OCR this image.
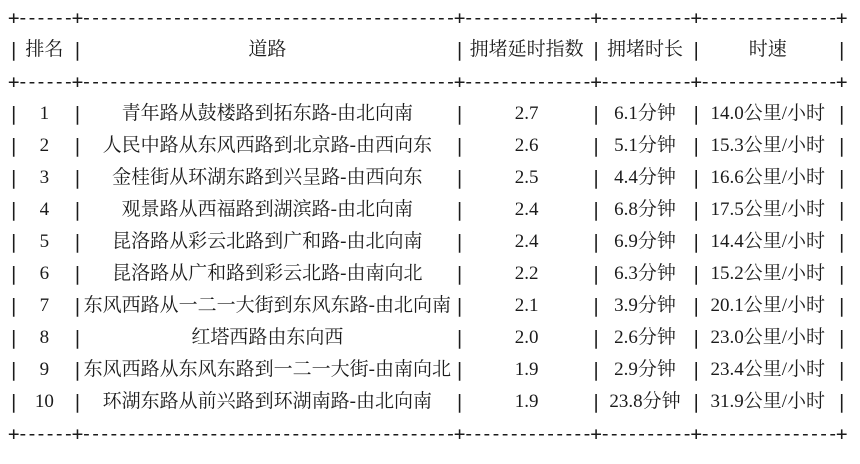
+
------ +
----------------------------------------- +
-------------- +
---------- +
--------------- +
| 排名 |	道路	| 拥堵延时指数 | 拥堵时长 |	时速	|
+
------ +
----------------------------------------- +
-------------- +
---------- +
--------------- +
|	1	|	青年路从鼓楼路到拓东路-由北向南	|	2.7	| 6.1分钟 | 14.0公里/小时 |
|	2	|	人民中路从东风西路到北京路-由西向东	|	2.6	| 5.1分钟 | 15.3公里/小时 |
|	3	|	金桂街从环湖东路到兴呈路-由西向东	|	2.5	| 4.4分钟 | 16.6公里/小时 |
|	4	|	观景路从西福路到湖滨路-由北向南	|	2.4	| 6.8分钟 | 17.5公里/小时 |
|	5	|	昆洛路从彩云北路到广和路-由北向南	|	2.4	| 6.9分钟 | 14.4公里/小时 |
|	6	|	昆洛路从广和路到彩云北路-由南向北	|	2.2	| 6.3分钟 | 15.2公里/小时 |
|	7	| 东风西路从一二一大街到东风东路-由北向南 |	2.1	| 3.9分钟 | 20.1公里/小时 |
|	8	|	红塔西路由东向西	|	2.0	| 2.6分钟 | 23.0公里/小时 |
|	9	| 东风西路从东风东路到一二一大街-由南向北 |	1.9	| 2.9分钟 | 23.4公里/小时 |
| 10 |	环湖东路从前兴路到环湖南路-由北向南	|	1.9	| 23.8分钟 | 31.9公里/小时 |
+
------ +
----------------------------------------- +
-------------- +
---------- +
--------------- +
